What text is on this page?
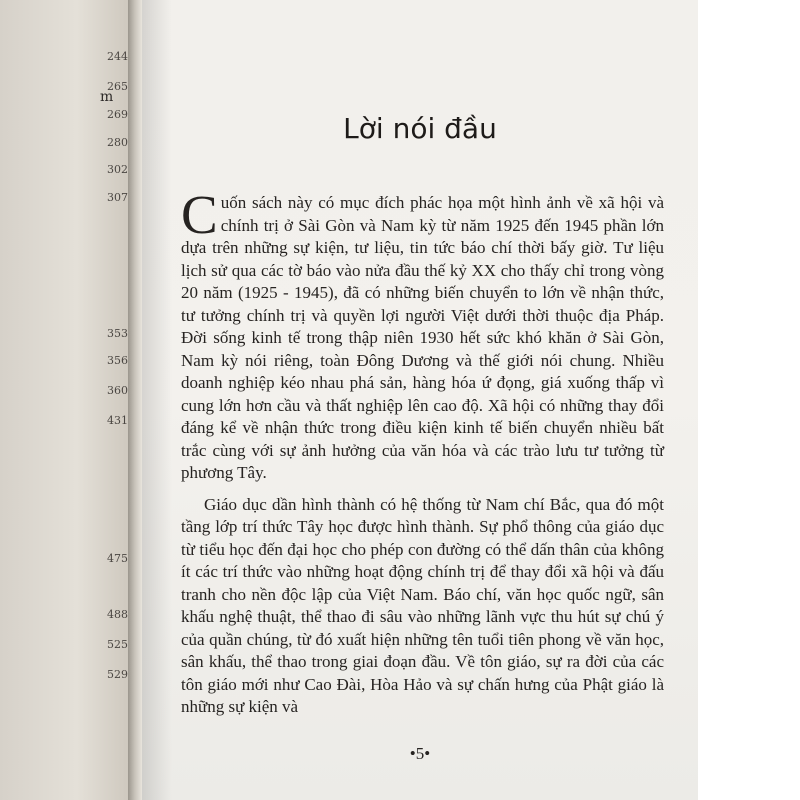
244
265
m
269
280
302
307
353
356
360
431
475
488
525
529
Lời nói đầu

Cuốn sách này có mục đích phác họa một hình ảnh về xã hội và chính trị ở Sài Gòn và Nam kỳ từ năm 1925 đến 1945 phần lớn dựa trên những sự kiện, tư liệu, tin tức báo chí thời bấy giờ. Tư liệu lịch sử qua các tờ báo vào nửa đầu thế kỷ XX cho thấy chỉ trong vòng 20 năm (1925 - 1945), đã có những biến chuyển to lớn về nhận thức, tư tưởng chính trị và quyền lợi người Việt dưới thời thuộc địa Pháp. Đời sống kinh tế trong thập niên 1930 hết sức khó khăn ở Sài Gòn, Nam kỳ nói riêng, toàn Đông Dương và thế giới nói chung. Nhiều doanh nghiệp kéo nhau phá sản, hàng hóa ứ đọng, giá xuống thấp vì cung lớn hơn cầu và thất nghiệp lên cao độ. Xã hội có những thay đổi đáng kể về nhận thức trong điều kiện kinh tế biến chuyển nhiều bất trắc cùng với sự ảnh hưởng của văn hóa và các trào lưu tư tưởng từ phương Tây.

Giáo dục dần hình thành có hệ thống từ Nam chí Bắc, qua đó một tầng lớp trí thức Tây học được hình thành. Sự phổ thông của giáo dục từ tiểu học đến đại học cho phép con đường có thể dấn thân của không ít các trí thức vào những hoạt động chính trị để thay đổi xã hội và đấu tranh cho nền độc lập của Việt Nam. Báo chí, văn học quốc ngữ, sân khấu nghệ thuật, thể thao đi sâu vào những lãnh vực thu hút sự chú ý của quần chúng, từ đó xuất hiện những tên tuổi tiên phong về văn học, sân khấu, thể thao trong giai đoạn đầu. Về tôn giáo, sự ra đời của các tôn giáo mới như Cao Đài, Hòa Hảo và sự chấn hưng của Phật giáo là những sự kiện và

•5•
